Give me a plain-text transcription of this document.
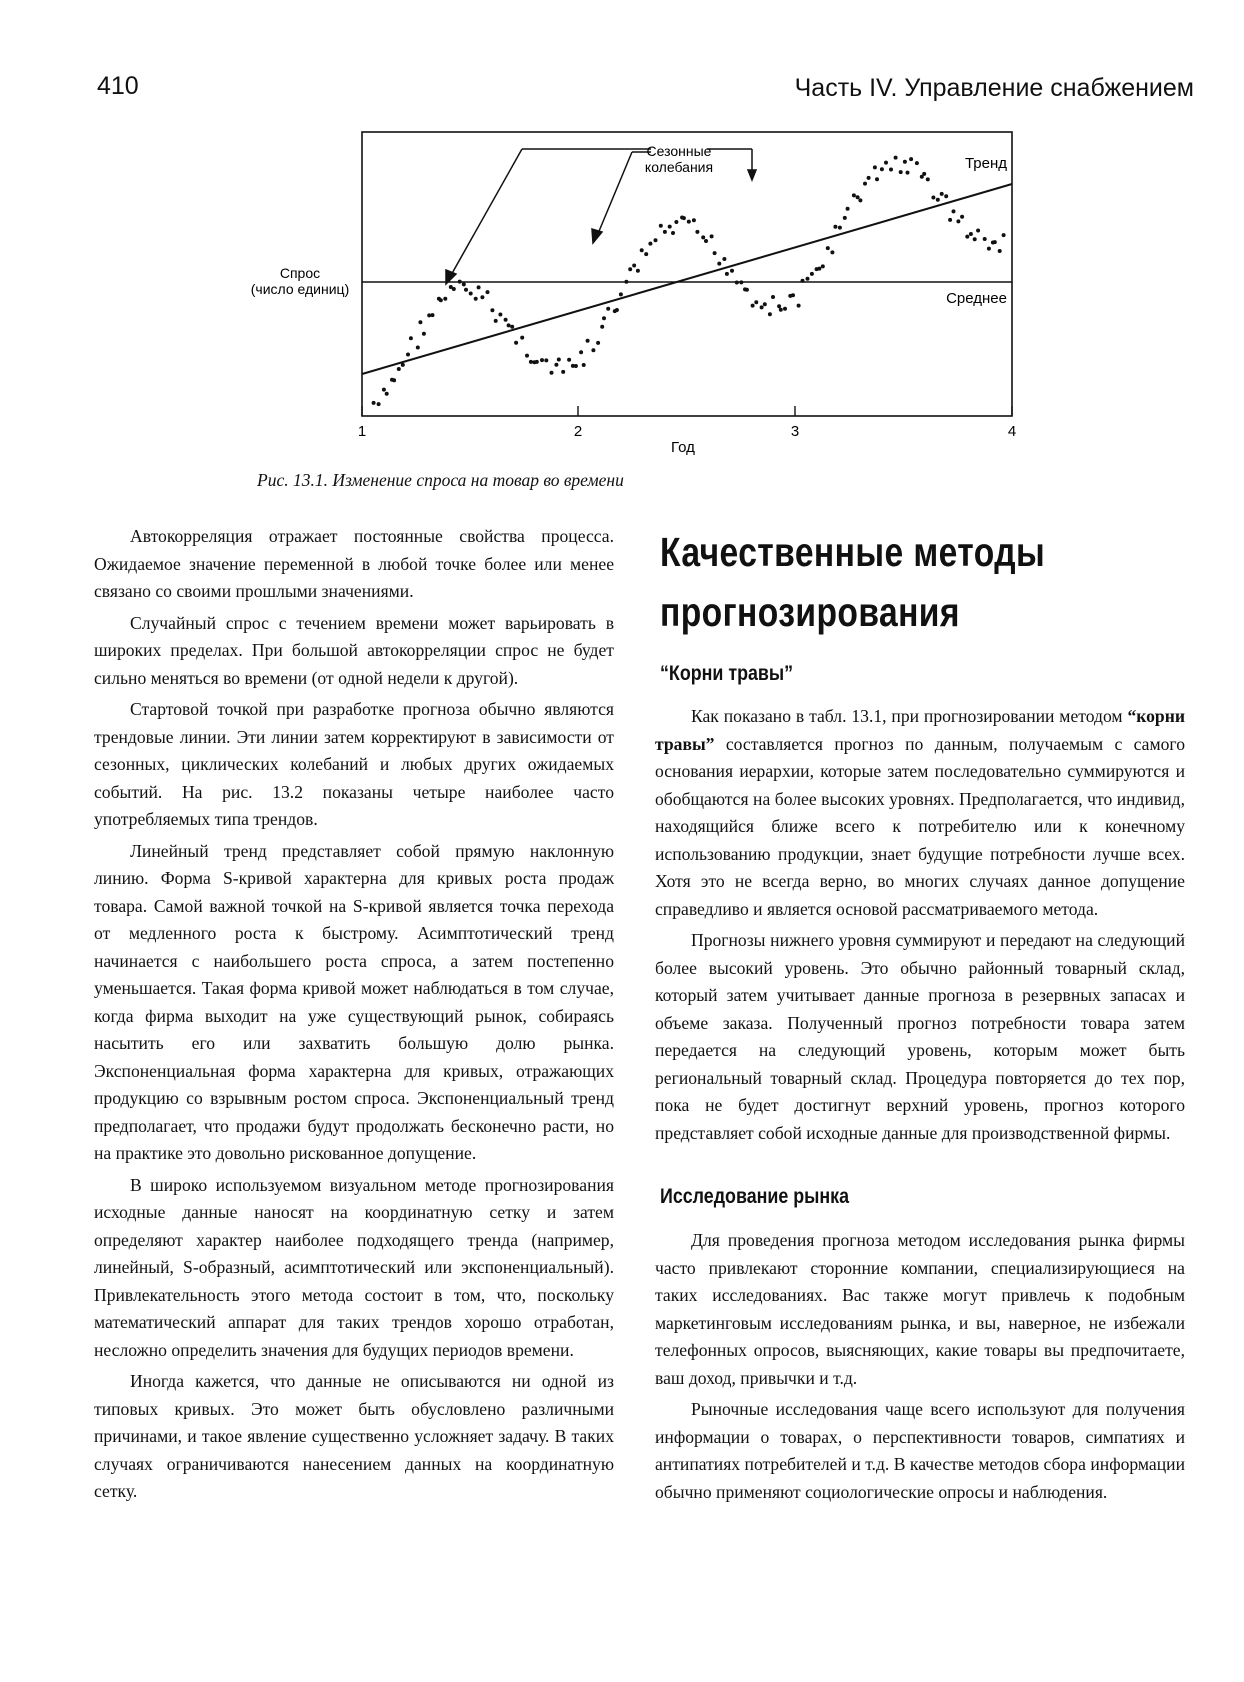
410	Часть IV. Управление снабжением
Сезонные
колебания	Тренд
Среднее
Спрос
(число единиц)
1	2	3	4
Год
Рис. 13.1. Изменение спроса на товар во времени

Автокорреляция отражает постоянные свойства процесса. Ожидаемое значение переменной в любой точке более или менее связано со своими прошлыми значениями.

Случайный спрос с течением времени может варьировать в широких пределах. При большой автокорреляции спрос не будет сильно меняться во времени (от одной недели к другой).

Стартовой точкой при разработке прогноза обычно являются трендовые линии. Эти линии затем корректируют в зависимости от сезонных, циклических колебаний и любых других ожидаемых событий. На рис. 13.2 показаны четыре наиболее часто употребляемых типа трендов.

Линейный тренд представляет собой прямую наклонную линию. Форма S-кривой характерна для кривых роста продаж товара. Самой важной точкой на S-кривой является точка перехода от медленного роста к быстрому. Асимптотический тренд начинается с наибольшего роста спроса, а затем постепенно уменьшается. Такая форма кривой может наблюдаться в том случае, когда фирма выходит на уже существующий рынок, собираясь насытить его или захватить большую долю рынка. Экспоненциальная форма характерна для кривых, отражающих продукцию со взрывным ростом спроса. Экспоненциальный тренд предполагает, что продажи будут продолжать бесконечно расти, но на практике это довольно рискованное допущение.

В широко используемом визуальном методе прогнозирования исходные данные наносят на координатную сетку и затем определяют характер наиболее подходящего тренда (например, линейный, S-образный, асимптотический или экспоненциальный). Привлекательность этого метода состоит в том, что, поскольку математический аппарат для таких трендов хорошо отработан, несложно определить значения для будущих периодов времени.

Иногда кажется, что данные не описываются ни одной из типовых кривых. Это может быть обусловлено различными причинами, и такое явление существенно усложняет задачу. В таких случаях ограничиваются нанесением данных на координатную сетку.

Качественные методы
прогнозирования
“Корни травы”

Как показано в табл. 13.1, при прогнозировании методом “корни травы” составляется прогноз по данным, получаемым с самого основания иерархии, которые затем последовательно суммируются и обобщаются на более высоких уровнях. Предполагается, что индивид, находящийся ближе всего к потребителю или к конечному использованию продукции, знает будущие потребности лучше всех. Хотя это не всегда верно, во многих случаях данное допущение справедливо и является основой рассматриваемого метода.

Прогнозы нижнего уровня суммируют и передают на следующий более высокий уровень. Это обычно районный товарный склад, который затем учитывает данные прогноза в резервных запасах и объеме заказа. Полученный прогноз потребности товара затем передается на следующий уровень, которым может быть региональный товарный склад. Процедура повторяется до тех пор, пока не будет достигнут верхний уровень, прогноз которого представляет собой исходные данные для производственной фирмы.

Исследование рынка

Для проведения прогноза методом исследования рынка фирмы часто привлекают сторонние компании, специализирующиеся на таких исследованиях. Вас также могут привлечь к подобным маркетинговым исследованиям рынка, и вы, наверное, не избежали телефонных опросов, выясняющих, какие товары вы предпочитаете, ваш доход, привычки и т.д.

Рыночные исследования чаще всего используют для получения информации о товарах, о перспективности товаров, симпатиях и антипатиях потребителей и т.д. В качестве методов сбора информации обычно применяют социологические опросы и наблюдения.
